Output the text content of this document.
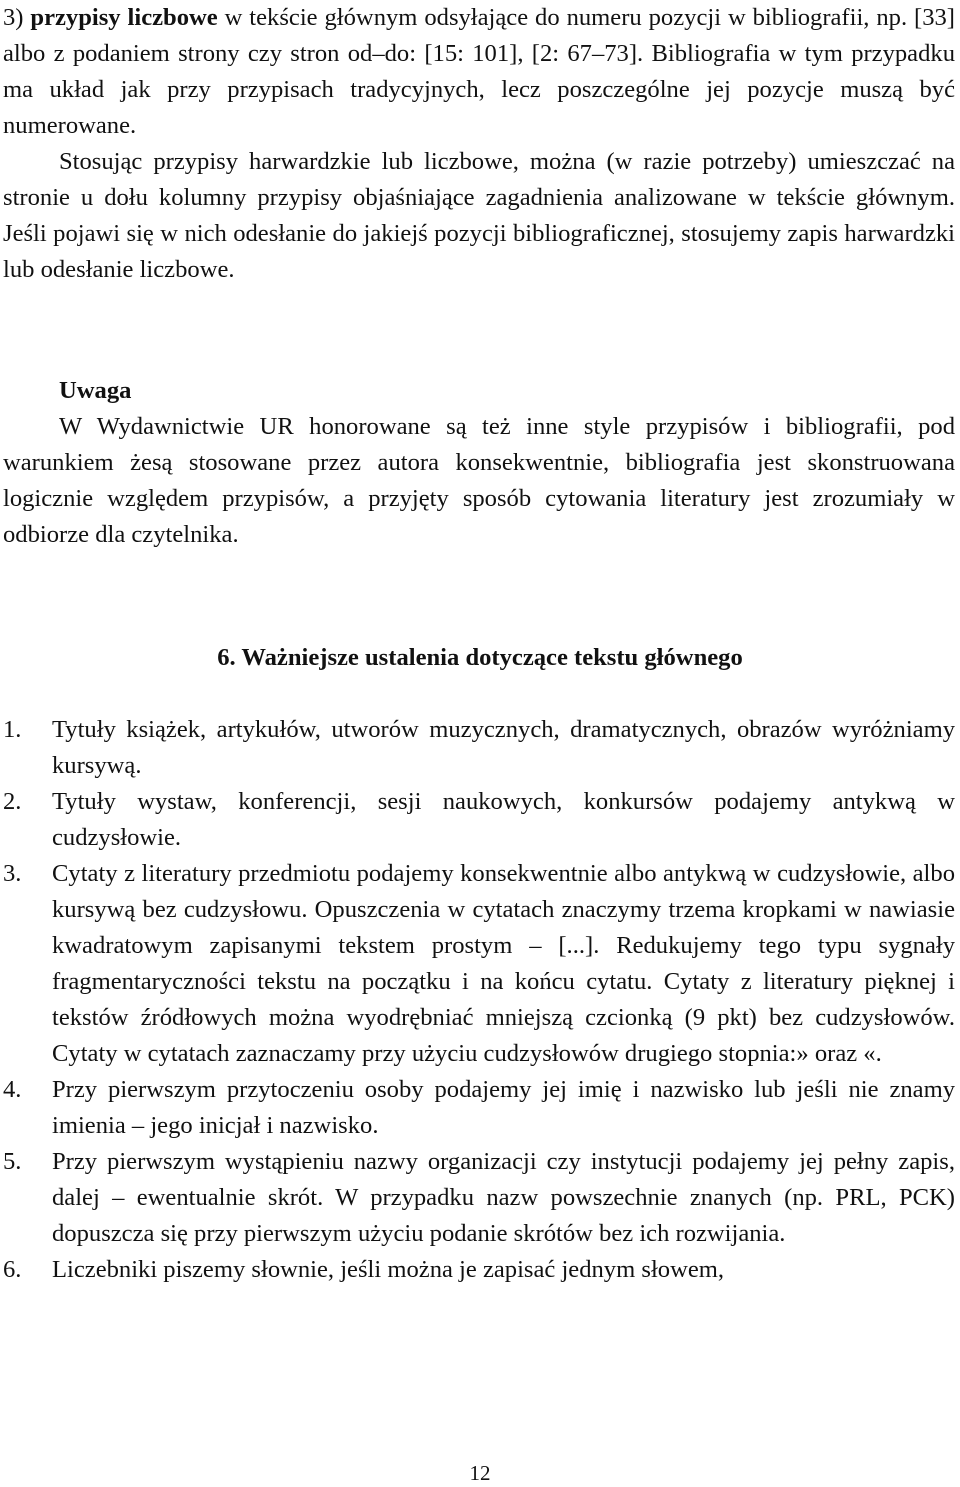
3) przypisy liczbowe w tekście głównym odsyłające do numeru pozycji w bibliografii, np. [33] albo z podaniem strony czy stron od–do: [15: 101], [2: 67–73]. Bibliografia w tym przypadku ma układ jak przy przypisach tradycyjnych, lecz poszczególne jej pozycje muszą być numerowane.

Stosując przypisy harwardzkie lub liczbowe, można (w razie potrzeby) umieszczać na stronie u dołu kolumny przypisy objaśniające zagadnienia analizowane w tekście głównym. Jeśli pojawi się w nich odesłanie do jakiejś pozycji bibliograficznej, stosujemy zapis harwardzki lub odesłanie liczbowe.

Uwaga

W Wydawnictwie UR honorowane są też inne style przypisów i bibliografii, pod warunkiem żesą stosowane przez autora konsekwentnie, bibliografia jest skonstruowana logicznie względem przypisów, a przyjęty sposób cytowania literatury jest zrozumiały w odbiorze dla czytelnika.

6. Ważniejsze ustalenia dotyczące tekstu głównego
1. Tytuły książek, artykułów, utworów muzycznych, dramatycznych, obrazów wyróżniamy kursywą.
2. Tytuły wystaw, konferencji, sesji naukowych, konkursów podajemy antykwą w cudzysłowie.
3. Cytaty z literatury przedmiotu podajemy konsekwentnie albo antykwą w cudzysłowie, albo kursywą bez cudzysłowu. Opuszczenia w cytatach znaczymy trzema kropkami w nawiasie kwadratowym zapisanymi tekstem prostym – [...]. Redukujemy tego typu sygnały fragmentaryczności tekstu na początku i na końcu cytatu. Cytaty z literatury pięknej i tekstów źródłowych można wyodrębniać mniejszą czcionką (9 pkt) bez cudzysłowów. Cytaty w cytatach zaznaczamy przy użyciu cudzysłowów drugiego stopnia:» oraz «.
4. Przy pierwszym przytoczeniu osoby podajemy jej imię i nazwisko lub jeśli nie znamy imienia – jego inicjał i nazwisko.
5. Przy pierwszym wystąpieniu nazwy organizacji czy instytucji podajemy jej pełny zapis, dalej – ewentualnie skrót. W przypadku nazw powszechnie znanych (np. PRL, PCK) dopuszcza się przy pierwszym użyciu podanie skrótów bez ich rozwijania.
6. Liczebniki piszemy słownie, jeśli można je zapisać jednym słowem,
12
